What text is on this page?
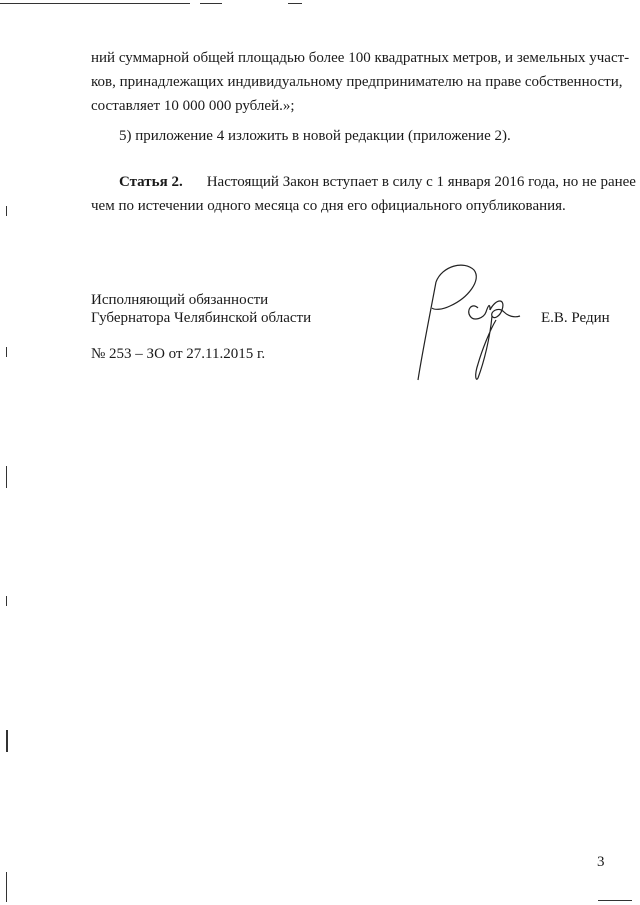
ний суммарной общей площадью более 100 квадратных метров, и земельных участ-
ков, принадлежащих индивидуальному предпринимателю на праве собственности,
составляет 10 000 000 рублей.»;
5) приложение 4 изложить в новой редакции (приложение 2).
Статья 2. Настоящий Закон вступает в силу с 1 января 2016 года, но не ранее
чем по истечении одного месяца со дня его официального опубликования.
Исполняющий обязанности
Губернатора Челябинской области	Е.В. Редин
№ 253 – ЗО от 27.11.2015 г.
3
